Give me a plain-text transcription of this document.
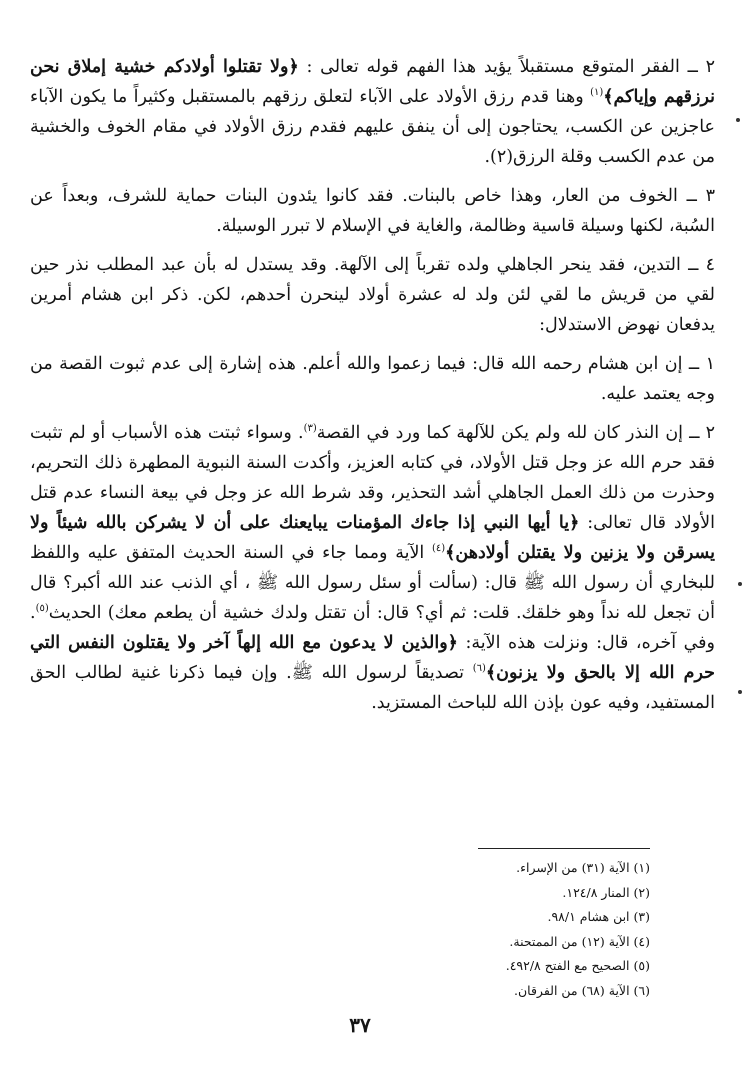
٢ ــ الفقر المتوقع مستقبلاً يؤيد هذا الفهم قوله تعالى : ﴿ولا تقتلوا أولادكم خشية إملاق نحن نرزقهم وإياكم﴾$^{(١)}$ وهنا قدم رزق الأولاد على الآباء لتعلق رزقهم بالمستقبل وكثيراً ما يكون الآباء عاجزين عن الكسب، يحتاجون إلى أن ينفق عليهم فقدم رزق الأولاد في مقام الخوف والخشية من عدم الكسب وقلة الرزق(٢).

٣ ــ الخوف من العار، وهذا خاص بالبنات. فقد كانوا يئدون البنات حماية للشرف، وبعداً عن السُبة، لكنها وسيلة قاسية وظالمة، والغاية في الإسلام لا تبرر الوسيلة.

٤ ــ التدين، فقد ينحر الجاهلي ولده تقرباً إلى الآلهة. وقد يستدل له بأن عبد المطلب نذر حين لقي من قريش ما لقي لئن ولد له عشرة أولاد لينحرن أحدهم، لكن. ذكر ابن هشام أمرين يدفعان نهوض الاستدلال:

١ ــ إن ابن هشام رحمه الله قال: فيما زعموا والله أعلم. هذه إشارة إلى عدم ثبوت القصة من وجه يعتمد عليه.

٢ ــ إن النذر كان لله ولم يكن للآلهة كما ورد في القصة$^{(٣)}$. وسواء ثبتت هذه الأسباب أو لم تثبت فقد حرم الله عز وجل قتل الأولاد، في كتابه العزيز، وأكدت السنة النبوية المطهرة ذلك التحريم، وحذرت من ذلك العمل الجاهلي أشد التحذير، وقد شرط الله عز وجل في بيعة النساء عدم قتل الأولاد قال تعالى: ﴿يا أيها النبي إذا جاءك المؤمنات يبايعنك على أن لا يشركن بالله شيئاً ولا يسرقن ولا يزنين ولا يقتلن أولادهن﴾$^{(٤)}$ الآية ومما جاء في السنة الحديث المتفق عليه واللفظ للبخاري أن رسول الله ﷺ قال: (سألت أو سئل رسول الله ﷺ ، أي الذنب عند الله أكبر؟ قال أن تجعل لله نداً وهو خلقك. قلت: ثم أي؟ قال: أن تقتل ولدك خشية أن يطعم معك) الحديث$^{(٥)}$. وفي آخره، قال: ونزلت هذه الآية: ﴿والذين لا يدعون مع الله إلهاً آخر ولا يقتلون النفس التي حرم الله إلا بالحق ولا يزنون﴾$^{(٦)}$ تصديقاً لرسول الله ﷺ. وإن فيما ذكرنا غنية لطالب الحق المستفيد، وفيه عون بإذن الله للباحث المستزيد.

(١) الآية (٣١) من الإسراء.
(٢) المنار ١٢٤/٨.
(٣) ابن هشام ٩٨/١.
(٤) الآية (١٢) من الممتحنة.
(٥) الصحيح مع الفتح ٤٩٢/٨.
(٦) الآية (٦٨) من الفرقان.
٣٧
